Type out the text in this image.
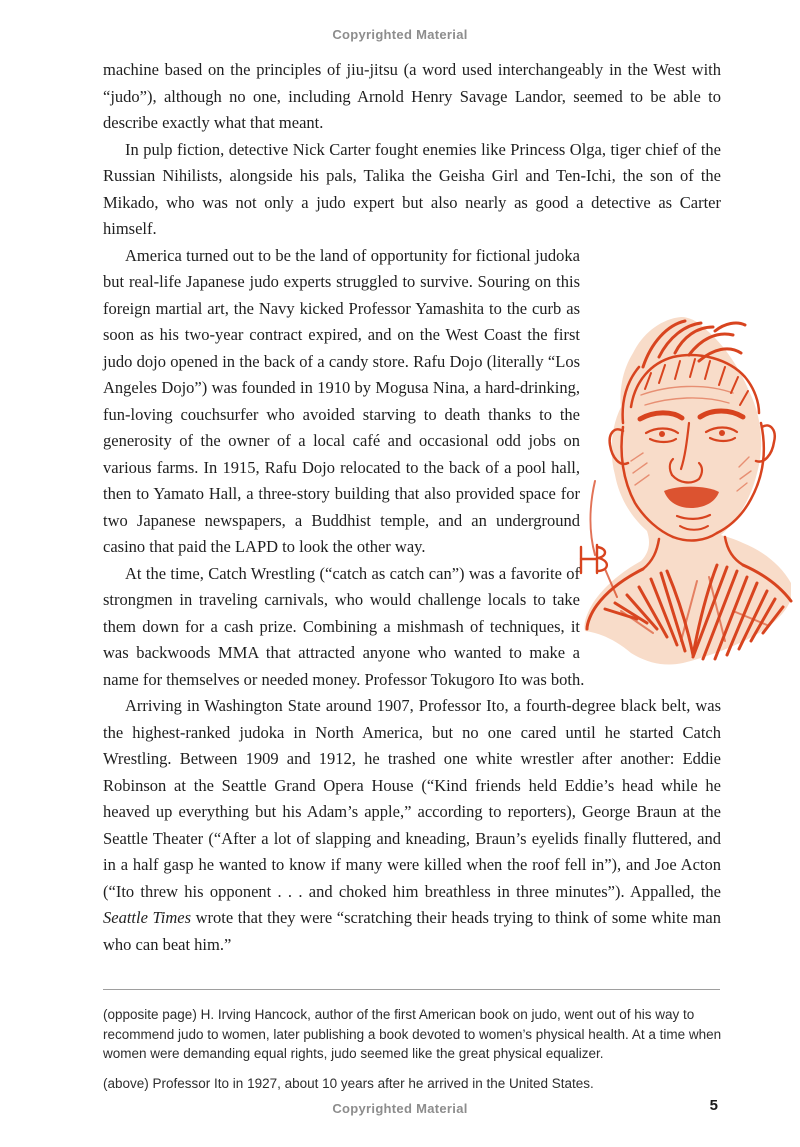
Copyrighted Material

machine based on the principles of jiu-jitsu (a word used interchangeably in the West with “judo”), although no one, including Arnold Henry Savage Landor, seemed to be able to describe exactly what that meant.

In pulp fiction, detective Nick Carter fought enemies like Princess Olga, tiger chief of the Russian Nihilists, alongside his pals, Talika the Geisha Girl and Ten-Ichi, the son of the Mikado, who was not only a judo expert but also nearly as good a detective as Carter himself.

America turned out to be the land of opportunity for fictional judoka but real-life Japanese judo experts struggled to survive. Souring on this foreign martial art, the Navy kicked Professor Yamashita to the curb as soon as his two-year contract expired, and on the West Coast the first judo dojo opened in the back of a candy store. Rafu Dojo (literally “Los Angeles Dojo”) was founded in 1910 by Mogusa Nina, a hard-drinking, fun-loving couchsurfer who avoided starving to death thanks to the generosity of the owner of a local café and occasional odd jobs on various farms. In 1915, Rafu Dojo relocated to the back of a pool hall, then to Yamato Hall, a three-story building that also provided space for two Japanese newspapers, a Buddhist temple, and an underground casino that paid the LAPD to look the other way.

At the time, Catch Wrestling (“catch as catch can”) was a favorite of strongmen in traveling carnivals, who would challenge locals to take them down for a cash prize. Combining a mishmash of techniques, it was backwoods MMA that attracted anyone who wanted to make a name for themselves or needed money. Professor Tokugoro Ito was both.

Arriving in Washington State around 1907, Professor Ito, a fourth-degree black belt, was the highest-ranked judoka in North America, but no one cared until he started Catch Wrestling. Between 1909 and 1912, he trashed one white wrestler after another: Eddie Robinson at the Seattle Grand Opera House (“Kind friends held Eddie’s head while he heaved up everything but his Adam’s apple,” according to reporters), George Braun at the Seattle Theater (“After a lot of slapping and kneading, Braun’s eyelids finally fluttered, and in a half gasp he wanted to know if many were killed when the roof fell in”), and Joe Acton (“Ito threw his opponent . . . and choked him breathless in three minutes”). Appalled, the Seattle Times wrote that they were “scratching their heads trying to think of some white man who can beat him.”

(opposite page) H. Irving Hancock, author of the first American book on judo, went out of his way to recommend judo to women, later publishing a book devoted to women’s physical health. At a time when women were demanding equal rights, judo seemed like the great physical equalizer.

(above) Professor Ito in 1927, about 10 years after he arrived in the United States.

Copyrighted Material	5
